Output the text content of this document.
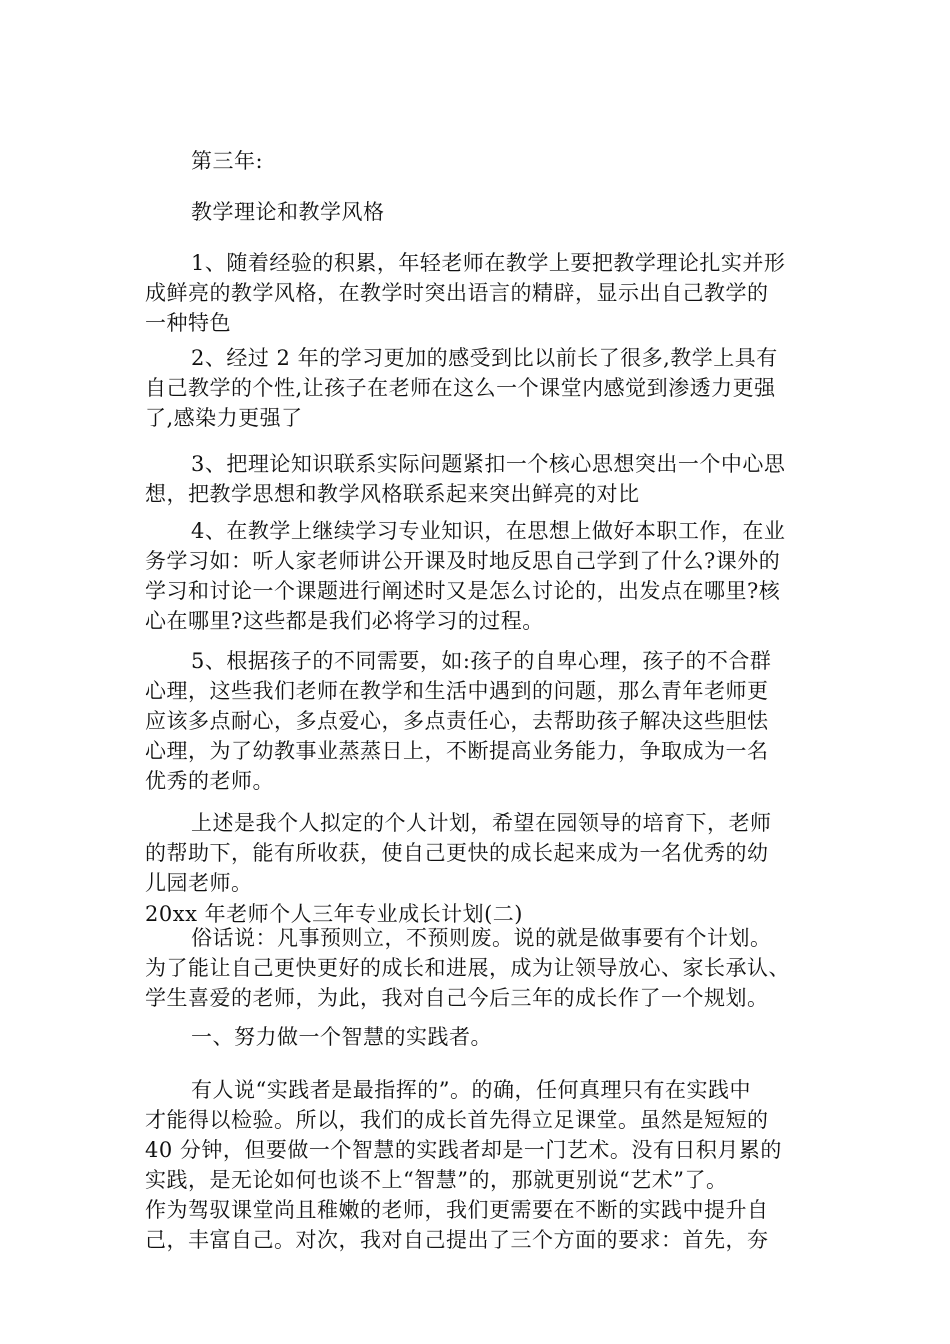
第三年:
教学理论和教学风格
1、随着经验的积累，年轻老师在教学上要把教学理论扎实并形
成鲜亮的教学风格，在教学时突出语言的精辟，显示出自己教学的
一种特色
2、经过 2 年的学习更加的感受到比以前长了很多,教学上具有
自己教学的个性,让孩子在老师在这么一个课堂内感觉到渗透力更强
了,感染力更强了
3、把理论知识联系实际问题紧扣一个核心思想突出一个中心思
想，把教学思想和教学风格联系起来突出鲜亮的对比
4、在教学上继续学习专业知识，在思想上做好本职工作，在业
务学习如：听人家老师讲公开课及时地反思自己学到了什么?课外的
学习和讨论一个课题进行阐述时又是怎么讨论的，出发点在哪里?核
心在哪里?这些都是我们必将学习的过程。
5、根据孩子的不同需要，如:孩子的自卑心理，孩子的不合群
心理，这些我们老师在教学和生活中遇到的问题，那么青年老师更
应该多点耐心，多点爱心，多点责任心，去帮助孩子解决这些胆怯
心理，为了幼教事业蒸蒸日上，不断提高业务能力，争取成为一名
优秀的老师。
上述是我个人拟定的个人计划，希望在园领导的培育下，老师
的帮助下，能有所收获，使自己更快的成长起来成为一名优秀的幼
儿园老师。
20xx 年老师个人三年专业成长计划(二)
俗话说：凡事预则立，不预则废。说的就是做事要有个计划。
为了能让自己更快更好的成长和进展，成为让领导放心、家长承认、
学生喜爱的老师，为此，我对自己今后三年的成长作了一个规划。
一、努力做一个智慧的实践者。
有人说“实践者是最指挥的”。的确，任何真理只有在实践中
才能得以检验。所以，我们的成长首先得立足课堂。虽然是短短的
40 分钟，但要做一个智慧的实践者却是一门艺术。没有日积月累的
实践，是无论如何也谈不上“智慧”的，那就更别说“艺术”了。
作为驾驭课堂尚且稚嫩的老师，我们更需要在不断的实践中提升自
己，丰富自己。对次，我对自己提出了三个方面的要求：首先，夯
